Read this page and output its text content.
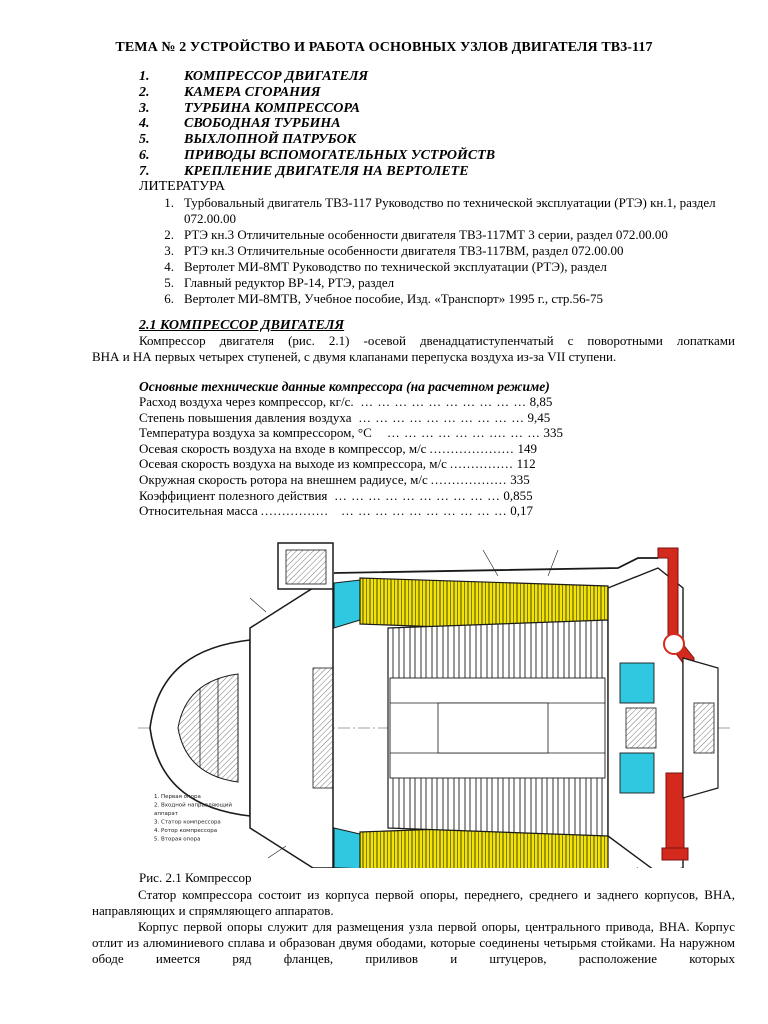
ТЕМА № 2 УСТРОЙСТВО И РАБОТА ОСНОВНЫХ УЗЛОВ ДВИГАТЕЛЯ ТВ3-117
1.	КОМПРЕССОР ДВИГАТЕЛЯ
2.	КАМЕРА СГОРАНИЯ
3.	ТУРБИНА КОМПРЕССОРА
4.	СВОБОДНАЯ ТУРБИНА
5.	ВЫХЛОПНОЙ ПАТРУБОК
6.	ПРИВОДЫ ВСПОМОГАТЕЛЬНЫХ УСТРОЙСТВ
7.	КРЕПЛЕНИЕ ДВИГАТЕЛЯ НА ВЕРТОЛЕТЕ
ЛИТЕРАТУРА
1. Турбовальный двигатель ТВ3-117 Руководство по технической эксплуатации (РТЭ) кн.1, раздел 072.00.00
2. РТЭ кн.3 Отличительные особенности двигателя ТВ3-117МТ 3 серии, раздел 072.00.00
3. РТЭ кн.3 Отличительные особенности двигателя ТВ3-117ВМ, раздел 072.00.00
4. Вертолет МИ-8МТ Руководство по технической эксплуатации (РТЭ), раздел
5. Главный редуктор ВР-14, РТЭ, раздел
6. Вертолет МИ-8МТВ, Учебное пособие, Изд. «Транспорт» 1995 г., стр.56-75
2.1 КОМПРЕССОР ДВИГАТЕЛЯ
Компрессор двигателя (рис. 2.1) -осевой двенадцатиступенчатый с поворотными лопатками
ВНА и НА первых четырех ступеней, с двумя клапанами перепуска воздуха из-за VII ступени.
Основные технические данные компрессора (на расчетном режиме)
Расход воздуха через компрессор, кг/с. ... ... ... ... ... ... ... ... ... ... 8,85
Степень повышения давления воздуха ... ... ... ... ... ... ... ... ... ... 9,45
Температура воздуха за компрессором, °С ... ... ... ... ... ... .... ... ... 335
Осевая скорость воздуха на входе в компрессор, м/с .................... 149
Осевая скорость воздуха на выходе из компрессора, м/с ............... 112
Окружная скорость ротора на внешнем радиусе, м/с .................. 335
Коэффициент полезного действия ... ... ... ... ... ... ... ... ... ... 0,855
Относительная масса ................   ... ... ... ... ... ... ... ... ... ... 0,17
1. Первая опора
2. Входной направляющий
аппарат
3. Статор компрессора
4. Ротор компрессора
5. Вторая опора
Рис. 2.1 Компрессор
Статор компрессора состоит из корпуса первой опоры, переднего, среднего и заднего корпусов, ВНА, направляющих и спрямляющего аппаратов.
Корпус первой опоры служит для размещения узла первой опоры, центрального привода, ВНА. Корпус отлит из алюминиевого сплава и образован двумя ободами, которые соединены четырьмя стойками. На наружном ободе имеется ряд фланцев, приливов и штуцеров, расположение которых
